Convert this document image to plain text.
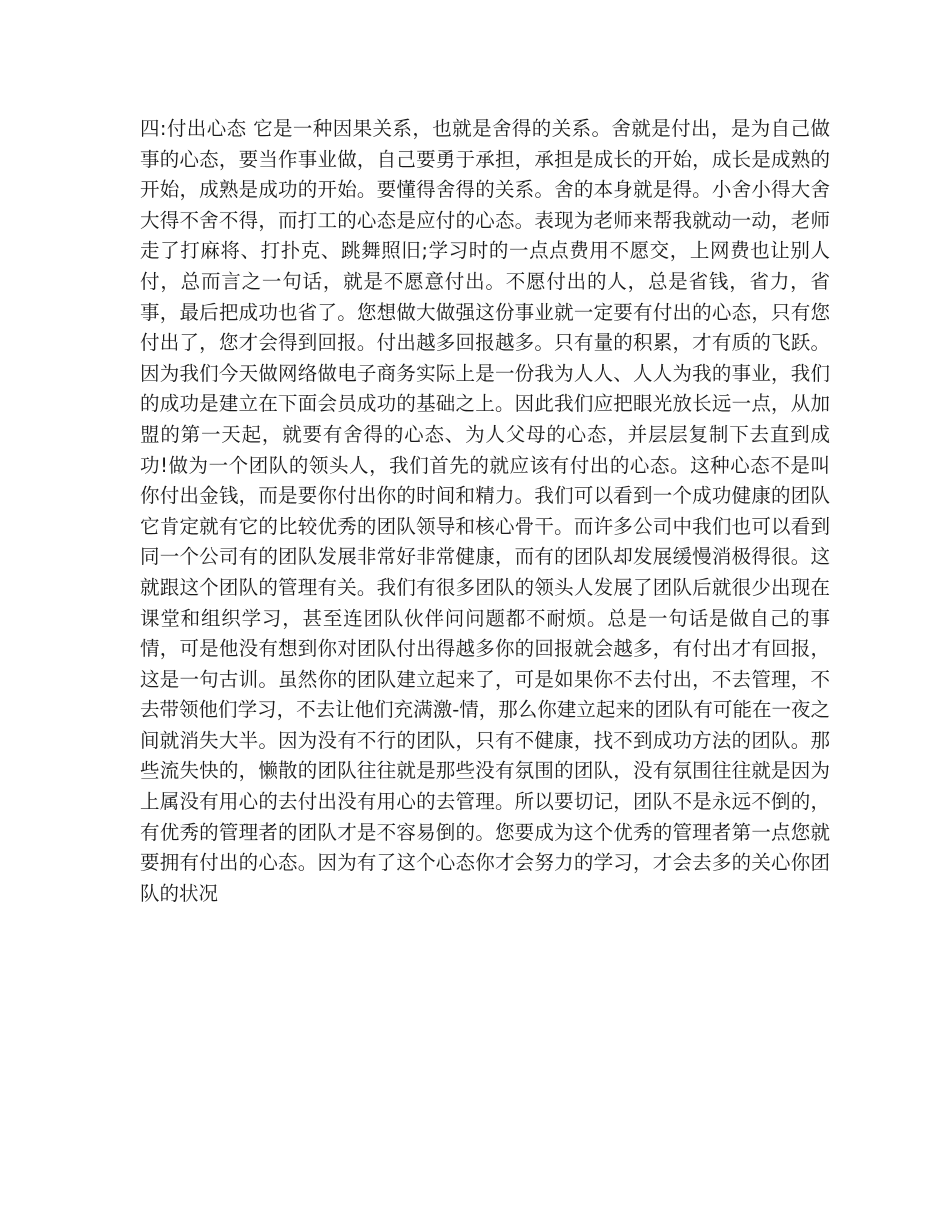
四:付出心态 它是一种因果关系，也就是舍得的关系。舍就是付出，是为自己做事的心态，要当作事业做，自己要勇于承担，承担是成长的开始，成长是成熟的开始，成熟是成功的开始。要懂得舍得的关系。舍的本身就是得。小舍小得大舍大得不舍不得，而打工的心态是应付的心态。表现为老师来帮我就动一动，老师走了打麻将、打扑克、跳舞照旧;学习时的一点点费用不愿交，上网费也让别人付，总而言之一句话，就是不愿意付出。不愿付出的人，总是省钱，省力，省事，最后把成功也省了。您想做大做强这份事业就一定要有付出的心态，只有您付出了，您才会得到回报。付出越多回报越多。只有量的积累，才有质的飞跃。因为我们今天做网络做电子商务实际上是一份我为人人、人人为我的事业，我们的成功是建立在下面会员成功的基础之上。因此我们应把眼光放长远一点，从加盟的第一天起，就要有舍得的心态、为人父母的心态，并层层复制下去直到成功!做为一个团队的领头人，我们首先的就应该有付出的心态。这种心态不是叫你付出金钱，而是要你付出你的时间和精力。我们可以看到一个成功健康的团队它肯定就有它的比较优秀的团队领导和核心骨干。而许多公司中我们也可以看到同一个公司有的团队发展非常好非常健康，而有的团队却发展缓慢消极得很。这就跟这个团队的管理有关。我们有很多团队的领头人发展了团队后就很少出现在课堂和组织学习，甚至连团队伙伴问问题都不耐烦。总是一句话是做自己的事情，可是他没有想到你对团队付出得越多你的回报就会越多，有付出才有回报，这是一句古训。虽然你的团队建立起来了，可是如果你不去付出，不去管理，不去带领他们学习，不去让他们充满激-情，那么你建立起来的团队有可能在一夜之间就消失大半。因为没有不行的团队，只有不健康，找不到成功方法的团队。那些流失快的，懒散的团队往往就是那些没有氛围的团队，没有氛围往往就是因为上属没有用心的去付出没有用心的去管理。所以要切记，团队不是永远不倒的，有优秀的管理者的团队才是不容易倒的。您要成为这个优秀的管理者第一点您就要拥有付出的心态。因为有了这个心态你才会努力的学习，才会去多的关心你团队的状况
